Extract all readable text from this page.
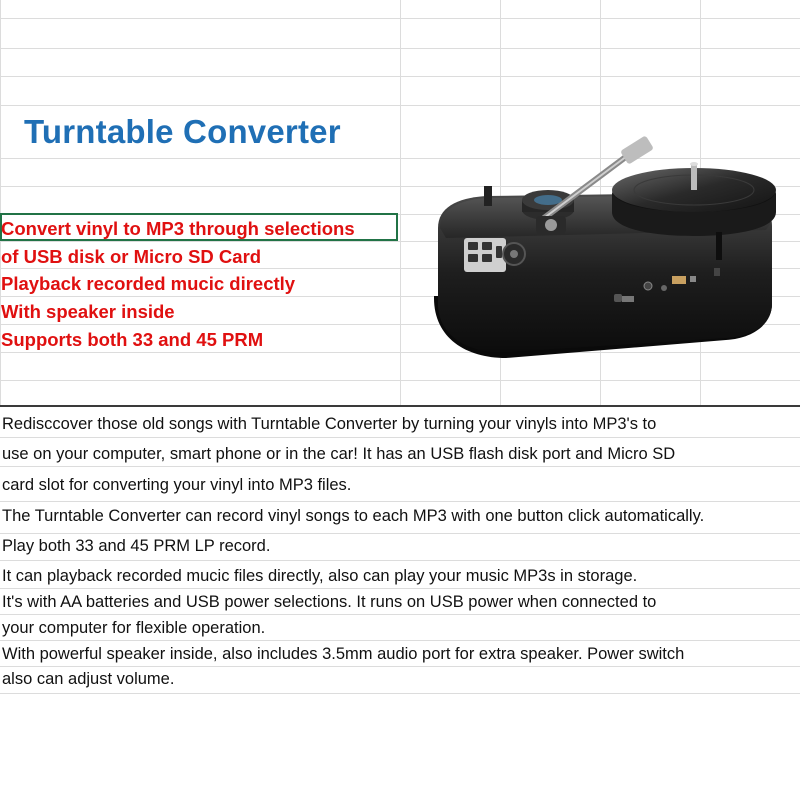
Turntable Converter
Convert vinyl to MP3 through selections
of USB disk or Micro SD Card
Playback recorded mucic directly
With speaker inside
Supports both 33 and 45 PRM
Redisccover those old songs with Turntable Converter by turning your vinyls into MP3's to
use on your computer, smart phone or in the car! It has an USB flash disk port and Micro SD
card slot for converting your vinyl into MP3 files.
The Turntable Converter can record vinyl songs to each MP3 with one button click automatically.
Play both 33 and 45 PRM LP record.
It can playback recorded mucic files directly, also can play your music MP3s in storage.
It's with AA batteries and USB power selections. It runs on USB power when connected to
your computer for flexible operation.
With powerful speaker inside, also includes 3.5mm audio port for extra speaker. Power switch
also can adjust volume.
